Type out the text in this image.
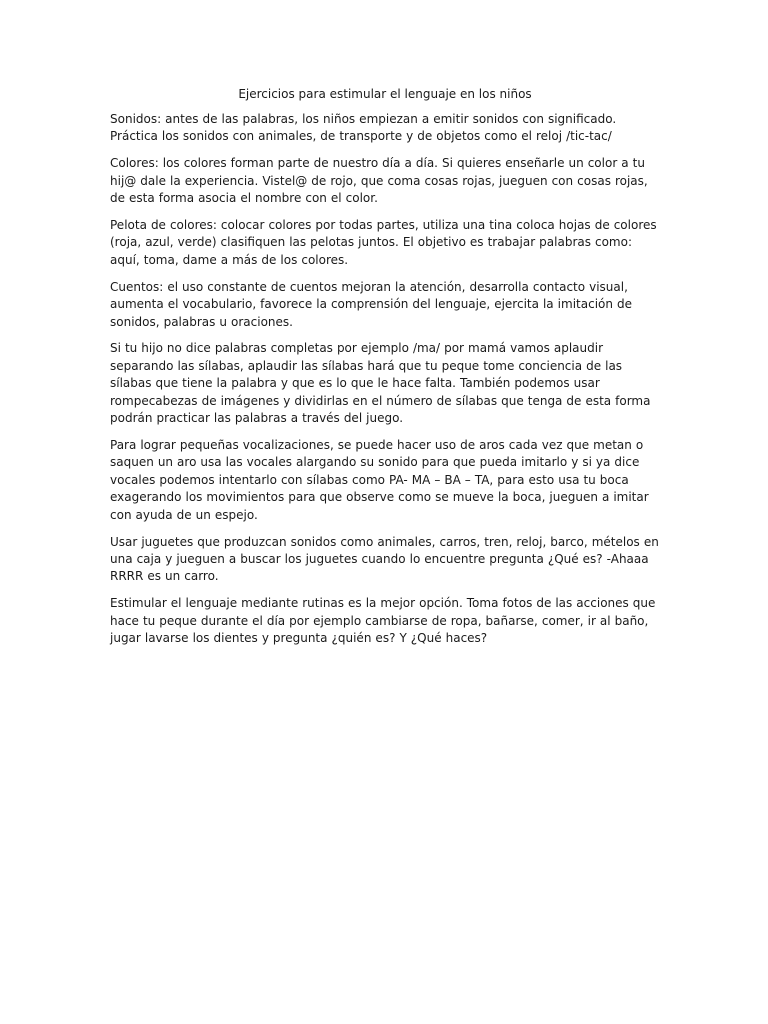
Ejercicios para estimular el lenguaje en los niños

Sonidos: antes de las palabras, los niños empiezan a emitir sonidos con significado. Práctica los sonidos con animales, de transporte y de objetos como el reloj /tic-tac/

Colores: los colores forman parte de nuestro día a día. Si quieres enseñarle un color a tu hij@ dale la experiencia. Vistel@ de rojo, que coma cosas rojas, jueguen con cosas rojas, de esta forma asocia el nombre con el color.

Pelota de colores: colocar colores por todas partes, utiliza una tina coloca hojas de colores (roja, azul, verde) clasifiquen las pelotas juntos. El objetivo es trabajar palabras como: aquí, toma, dame a más de los colores.

Cuentos: el uso constante de cuentos mejoran la atención, desarrolla contacto visual, aumenta el vocabulario, favorece la comprensión del lenguaje, ejercita la imitación de sonidos, palabras u oraciones.

Si tu hijo no dice palabras completas por ejemplo /ma/ por mamá vamos aplaudir separando las sílabas, aplaudir las sílabas hará que tu peque tome conciencia de las sílabas que tiene la palabra y que es lo que le hace falta. También podemos usar rompecabezas de imágenes y dividirlas en el número de sílabas que tenga de esta forma podrán practicar las palabras a través del juego.

Para lograr pequeñas vocalizaciones, se puede hacer uso de aros cada vez que metan o saquen un aro usa las vocales alargando su sonido para que pueda imitarlo y si ya dice vocales podemos intentarlo con sílabas como PA- MA – BA – TA, para esto usa tu boca exagerando los movimientos para que observe como se mueve la boca, jueguen a imitar con ayuda de un espejo.

Usar juguetes que produzcan sonidos como animales, carros, tren, reloj, barco, mételos en una caja y jueguen a buscar los juguetes cuando lo encuentre pregunta ¿Qué es? -Ahaaa RRRR es un carro.

Estimular el lenguaje mediante rutinas es la mejor opción. Toma fotos de las acciones que hace tu peque durante el día por ejemplo cambiarse de ropa, bañarse, comer, ir al baño, jugar lavarse los dientes y pregunta ¿quién es? Y ¿Qué haces?
